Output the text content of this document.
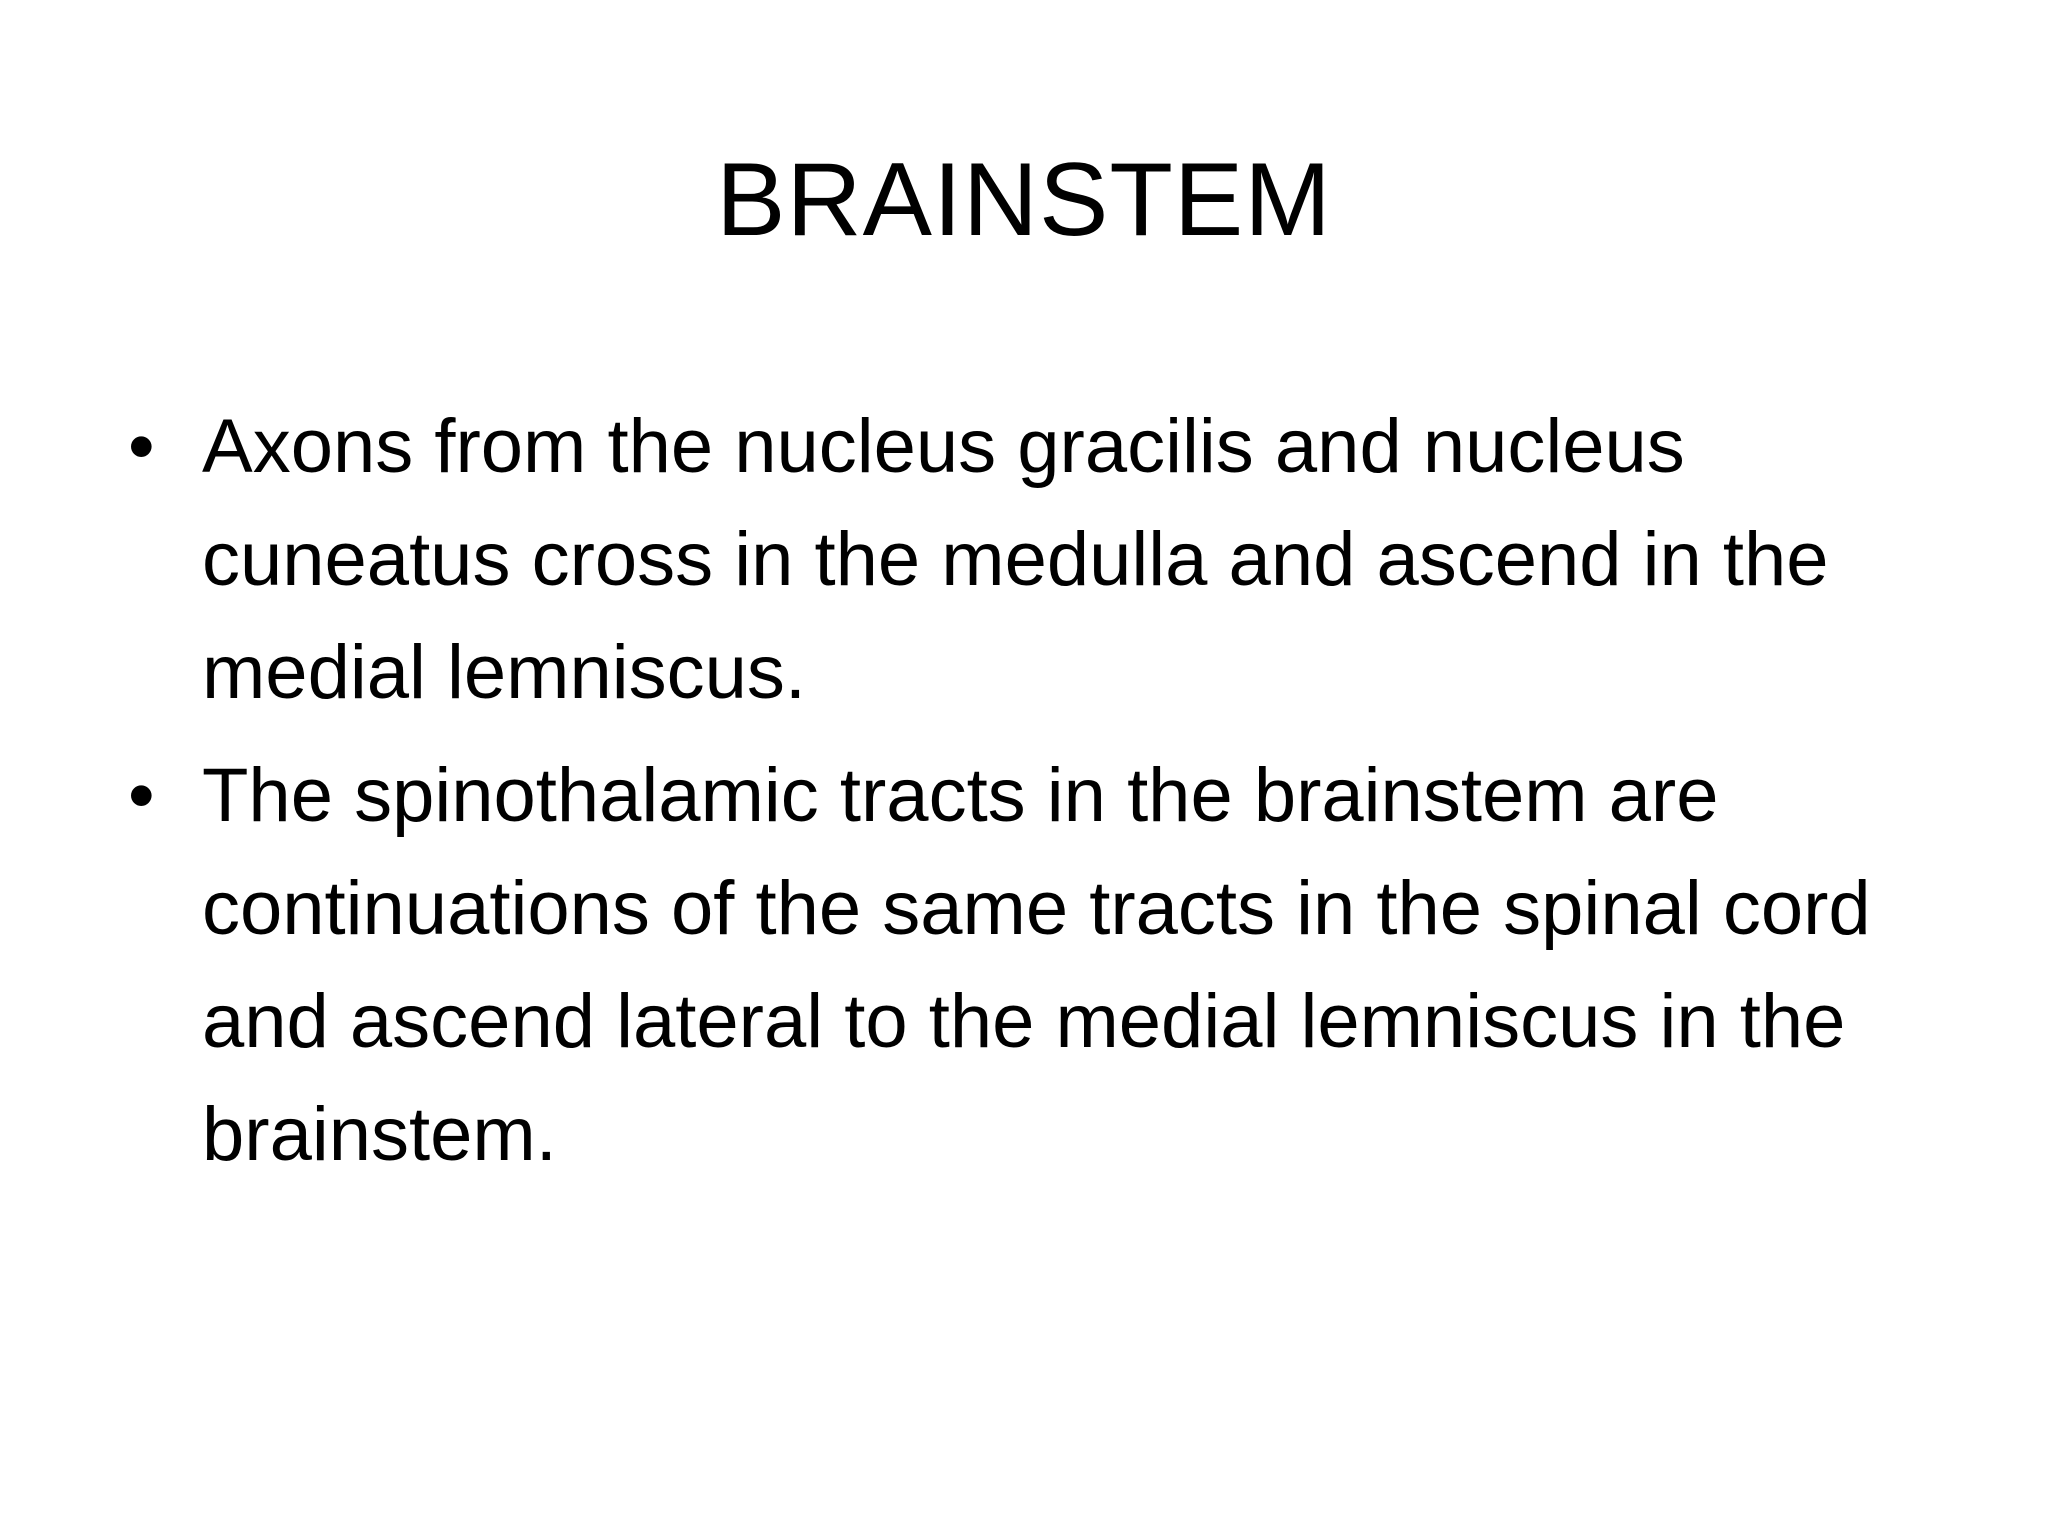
BRAINSTEM
• Axons from the nucleus gracilis and nucleus cuneatus cross in the medulla and ascend in the medial lemniscus.
• The spinothalamic tracts in the brainstem are continuations of the same tracts in the spinal cord and ascend lateral to the medial lemniscus in the brainstem.
